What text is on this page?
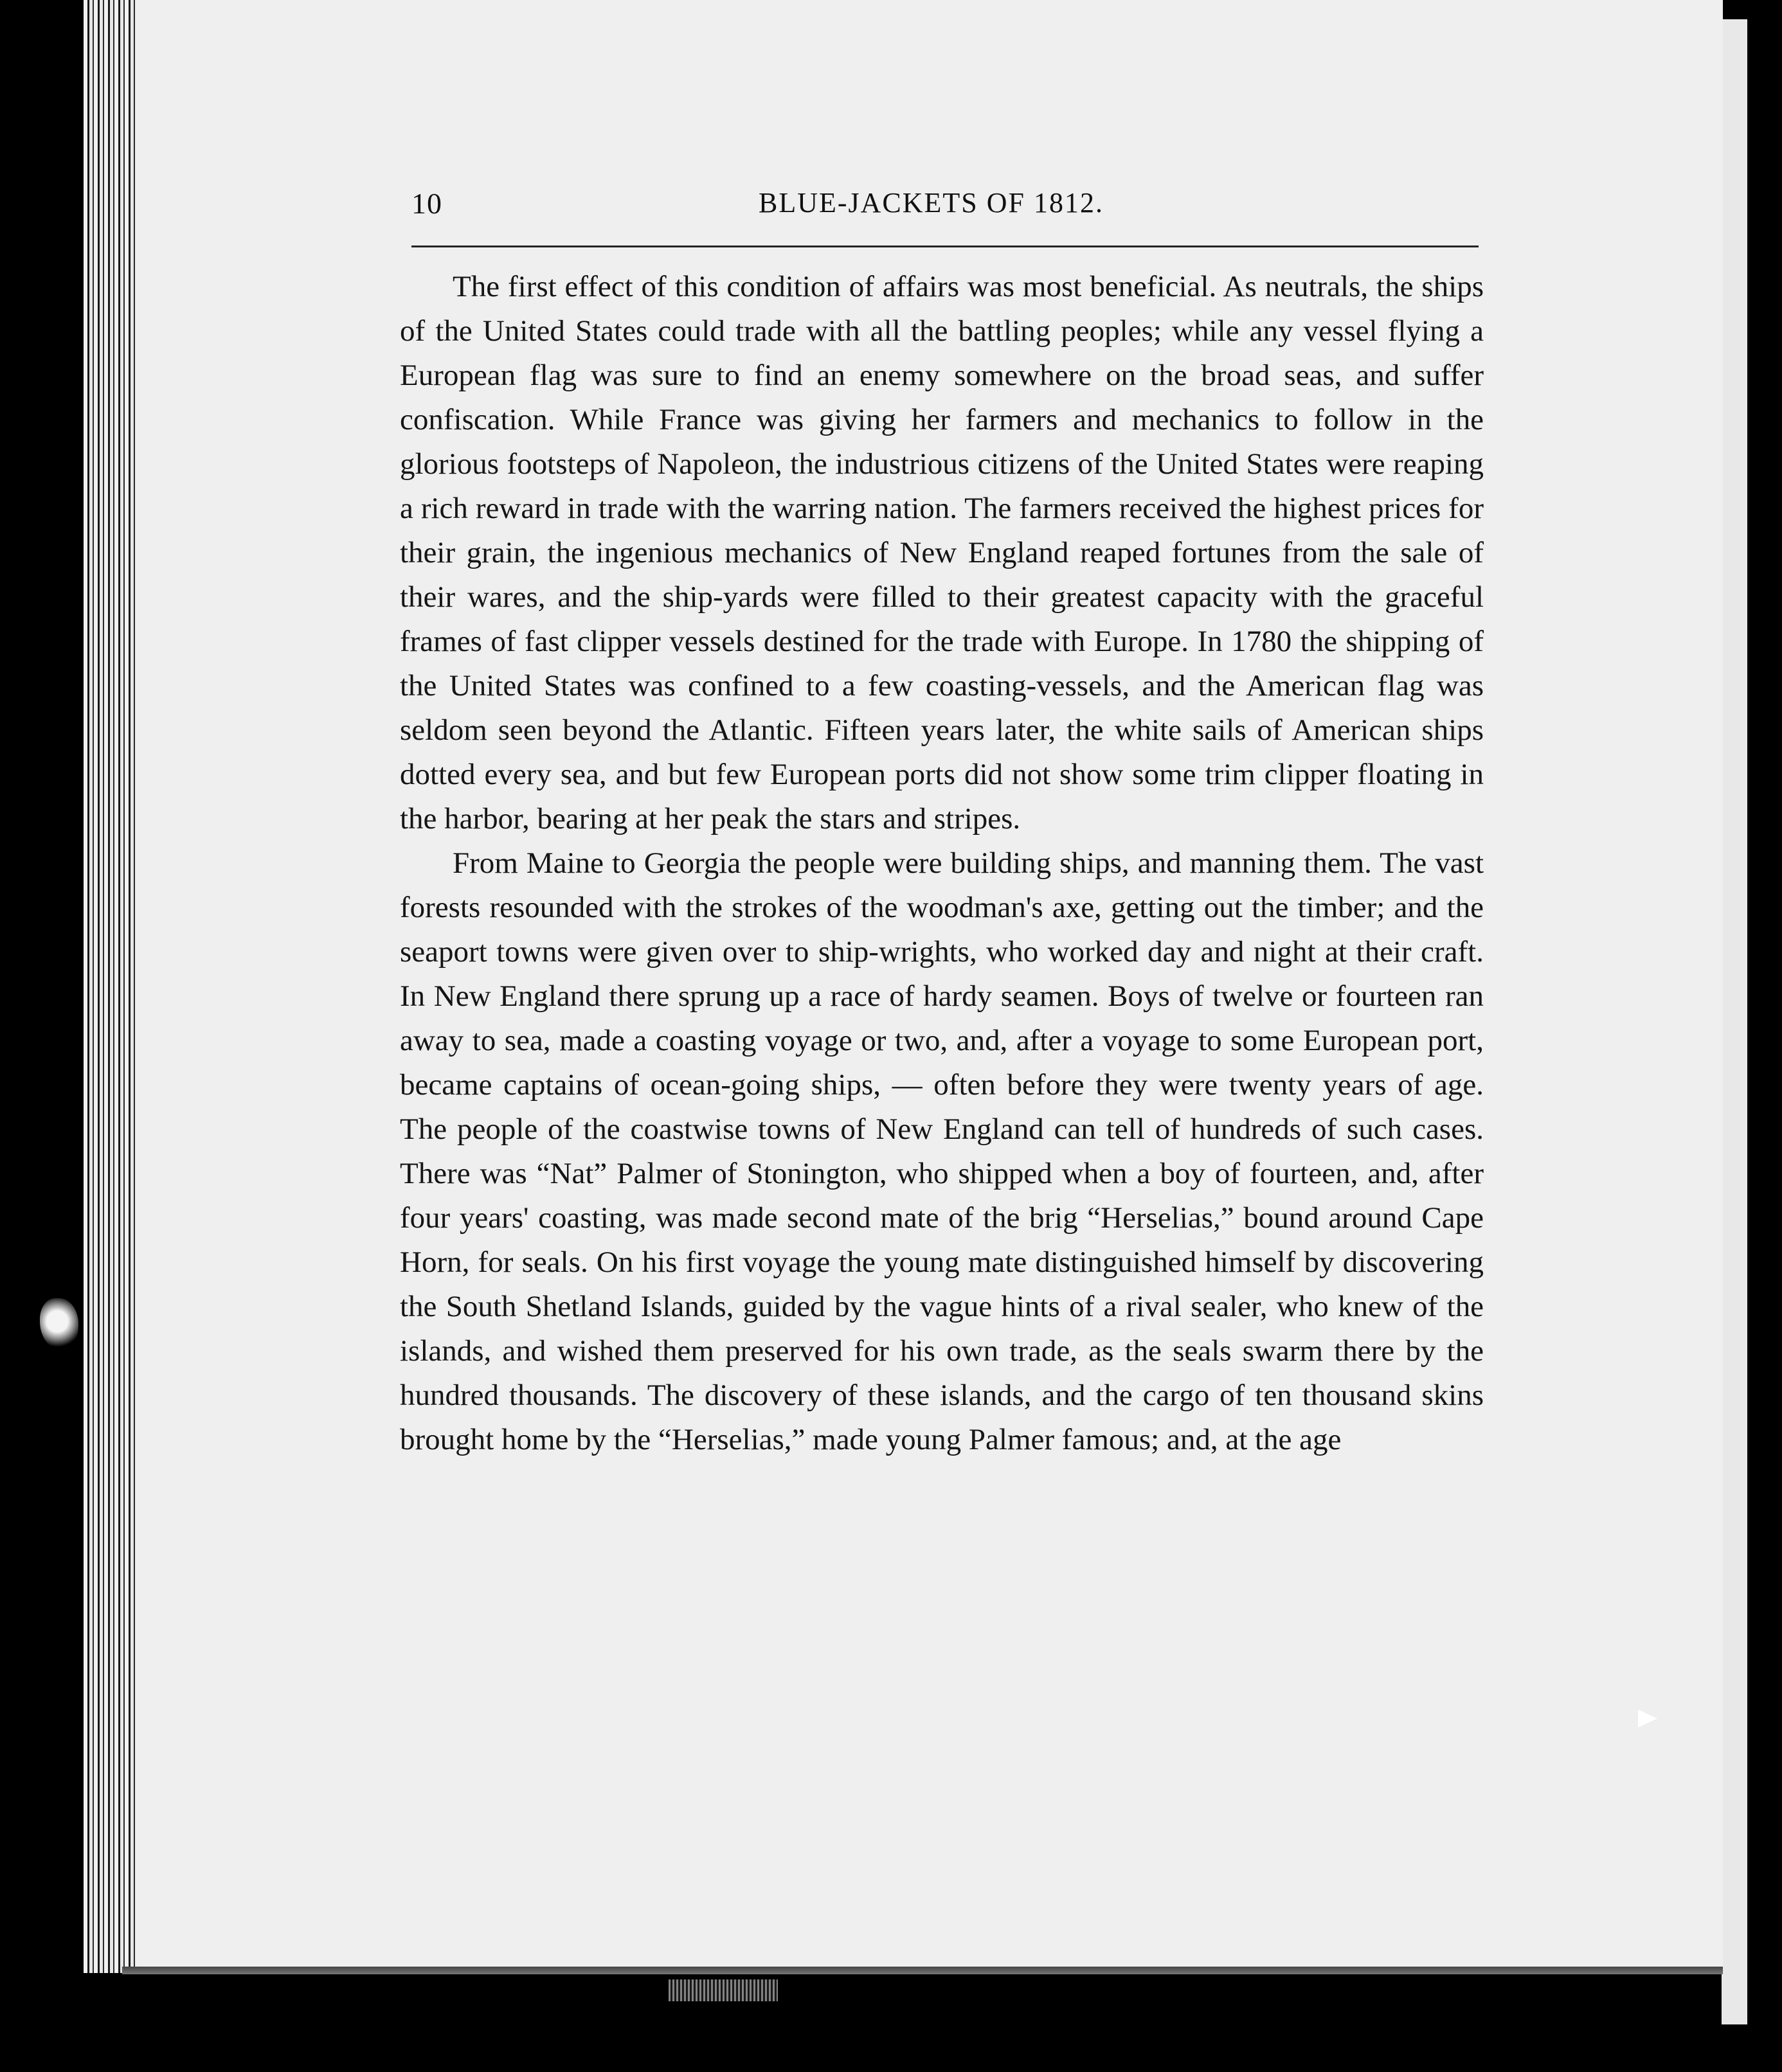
10	BLUE-JACKETS OF 1812.

The first effect of this condition of affairs was most beneficial. As neutrals, the ships of the United States could trade with all the battling peoples; while any vessel flying a European flag was sure to find an enemy somewhere on the broad seas, and suffer confiscation. While France was giving her farmers and mechanics to follow in the glorious footsteps of Napoleon, the industrious citizens of the United States were reaping a rich reward in trade with the warring nation. The farmers received the highest prices for their grain, the ingenious mechanics of New England reaped fortunes from the sale of their wares, and the ship-yards were filled to their greatest capacity with the graceful frames of fast clipper vessels destined for the trade with Europe. In 1780 the shipping of the United States was confined to a few coasting-vessels, and the American flag was seldom seen beyond the Atlantic. Fifteen years later, the white sails of American ships dotted every sea, and but few European ports did not show some trim clipper floating in the harbor, bearing at her peak the stars and stripes.

From Maine to Georgia the people were building ships, and manning them. The vast forests resounded with the strokes of the woodman's axe, getting out the timber; and the seaport towns were given over to ship-wrights, who worked day and night at their craft. In New England there sprung up a race of hardy seamen. Boys of twelve or fourteen ran away to sea, made a coasting voyage or two, and, after a voyage to some European port, became captains of ocean-going ships, — often before they were twenty years of age. The people of the coastwise towns of New England can tell of hundreds of such cases. There was “Nat” Palmer of Stonington, who shipped when a boy of fourteen, and, after four years' coasting, was made second mate of the brig “Herselias,” bound around Cape Horn, for seals. On his first voyage the young mate distinguished himself by discovering the South Shetland Islands, guided by the vague hints of a rival sealer, who knew of the islands, and wished them preserved for his own trade, as the seals swarm there by the hundred thousands. The discovery of these islands, and the cargo of ten thousand skins brought home by the “Herselias,” made young Palmer famous; and, at the age
